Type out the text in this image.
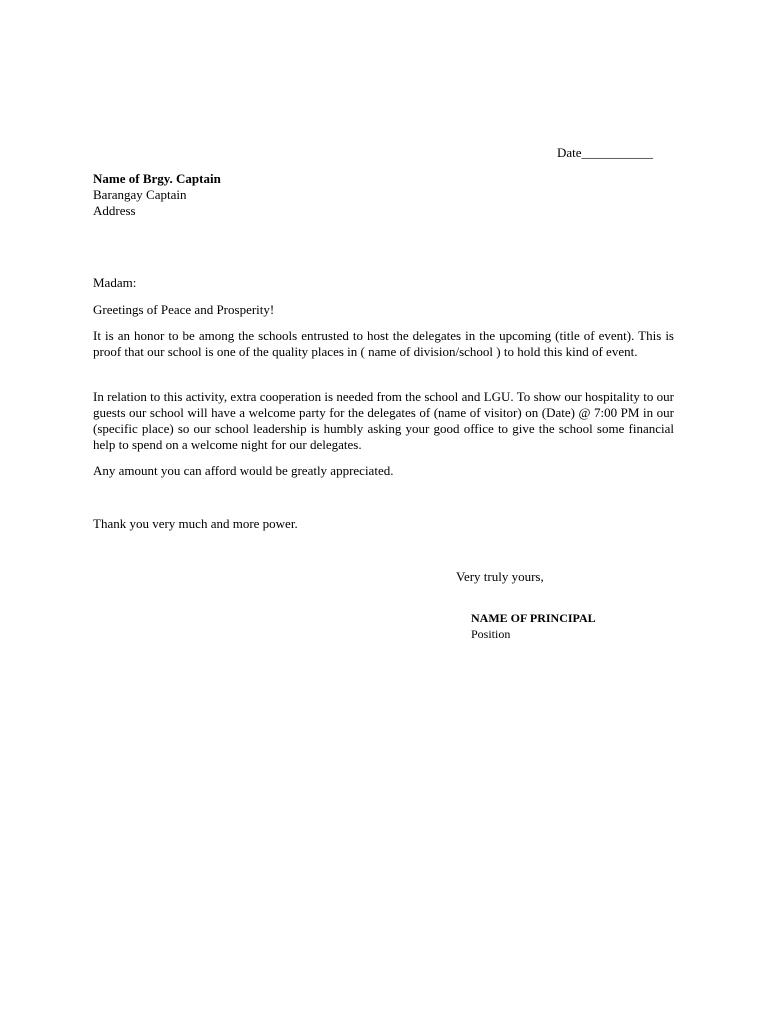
Date___________
Name of Brgy. Captain
Barangay Captain
Address
Madam:
Greetings of Peace and Prosperity!
It is an honor to be among the schools entrusted to host the delegates in the upcoming (title of event). This is proof that our school is one of the quality places in ( name of division/school ) to hold this kind of event.
In relation to this activity, extra cooperation is needed from the school and LGU. To show our hospitality to our guests our school will have a welcome party for the delegates of (name of visitor) on (Date) @ 7:00 PM in our (specific place) so our school leadership is humbly asking your good office to give the school some financial help to spend on a welcome night for our delegates.
Any amount you can afford would be greatly appreciated.
Thank you very much and more power.
Very truly yours,
NAME OF PRINCIPAL
Position
